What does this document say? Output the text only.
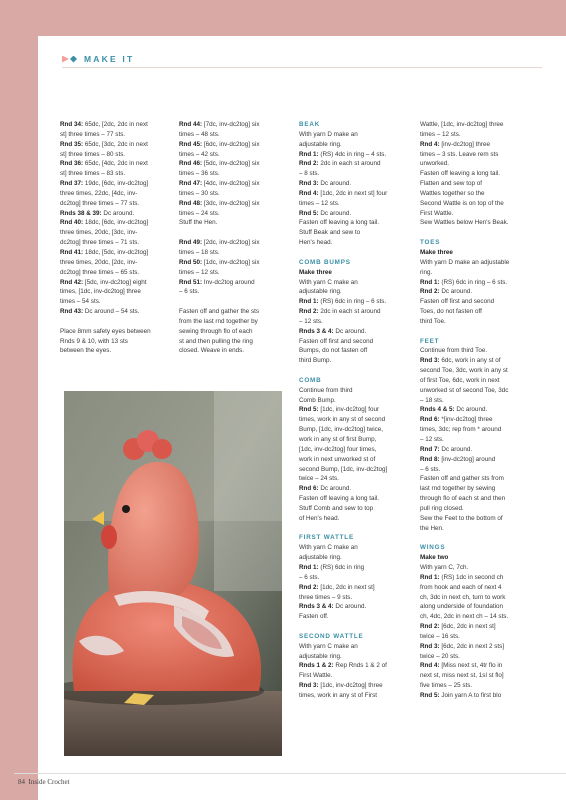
MAKE IT

Rnd 34: 65dc, [2dc, 2dc in next

st] three times – 77 sts.

Rnd 35: 65dc, [3dc, 2dc in next

st] three times – 80 sts.

Rnd 36: 65dc, [4dc, 2dc in next

st] three times – 83 sts.

Rnd 37: 19dc, [6dc, inv-dc2tog]

three times, 22dc, [4dc, inv-

dc2tog] three times – 77 sts.

Rnds 38 & 39: Dc around.

Rnd 40: 18dc, [6dc, inv-dc2tog]

three times, 20dc, [3dc, inv-

dc2tog] three times – 71 sts.

Rnd 41: 18dc, [5dc, inv-dc2tog]

three times, 20dc, [2dc, inv-

dc2tog] three times – 65 sts.

Rnd 42: [5dc, inv-dc2tog] eight

times, [1dc, inv-dc2tog] three

times – 54 sts.

Rnd 43: Dc around – 54 sts.

Place 8mm safety eyes between

Rnds 9 & 10, with 13 sts

between the eyes.

Rnd 44: [7dc, inv-dc2tog] six

times – 48 sts.

Rnd 45: [6dc, inv-dc2tog] six

times – 42 sts.

Rnd 46: [5dc, inv-dc2tog] six

times – 36 sts.

Rnd 47: [4dc, inv-dc2tog] six

times – 30 sts.

Rnd 48: [3dc, inv-dc2tog] six

times – 24 sts.

Stuff the Hen.

Rnd 49: [2dc, inv-dc2tog] six

times – 18 sts.

Rnd 50: [1dc, inv-dc2tog] six

times – 12 sts.

Rnd 51: Inv-dc2tog around

– 6 sts.

Fasten off and gather the sts

from the last rnd together by

sewing through flo of each

st and then pulling the ring

closed. Weave in ends.

BEAK

With yarn D make an

adjustable ring.

Rnd 1: (RS) 4dc in ring – 4 sts.

Rnd 2: 2dc in each st around

– 8 sts.

Rnd 3: Dc around.

Rnd 4: [1dc, 2dc in next st] four

times – 12 sts.

Rnd 5: Dc around.

Fasten off leaving a long tail.

Stuff Beak and sew to

Hen's head.

COMB BUMPS

Make three

With yarn C make an

adjustable ring.

Rnd 1: (RS) 6dc in ring – 6 sts.

Rnd 2: 2dc in each st around

– 12 sts.

Rnds 3 & 4: Dc around.

Fasten off first and second

Bumps, do not fasten off

third Bump.

COMB

Continue from third

Comb Bump.

Rnd 5: [1dc, inv-dc2tog] four

times, work in any st of second

Bump, [1dc, inv-dc2tog] twice,

work in any st of first Bump,

[1dc, inv-dc2tog] four times,

work in next unworked st of

second Bump, [1dc, inv-dc2tog]

twice – 24 sts.

Rnd 6: Dc around.

Fasten off leaving a long tail.

Stuff Comb and sew to top

of Hen's head.

FIRST WATTLE

With yarn C make an

adjustable ring.

Rnd 1: (RS) 6dc in ring

– 6 sts.

Rnd 2: [1dc, 2dc in next st]

three times – 9 sts.

Rnds 3 & 4: Dc around.

Fasten off.

SECOND WATTLE

With yarn C make an

adjustable ring.

Rnds 1 & 2: Rep Rnds 1 & 2 of

First Wattle.

Rnd 3: [1dc, inv-dc2tog] three

times, work in any st of First

Wattle, [1dc, inv-dc2tog] three

times – 12 sts.

Rnd 4: [inv-dc2tog] three

times – 3 sts. Leave rem sts

unworked.

Fasten off leaving a long tail.

Flatten and sew top of

Wattles together so the

Second Wattle is on top of the

First Wattle.

Sew Wattles below Hen's Beak.

TOES

Make three

With yarn D make an adjustable

ring.

Rnd 1: (RS) 6dc in ring – 6 sts.

Rnd 2: Dc around.

Fasten off first and second

Toes, do not fasten off

third Toe.

FEET

Continue from third Toe.

Rnd 3: 6dc, work in any st of

second Toe, 3dc, work in any st

of first Toe, 6dc, work in next

unworked st of second Toe, 3dc

– 18 sts.

Rnds 4 & 5: Dc around.

Rnd 6: *[inv-dc2tog] three

times, 3dc; rep from * around

– 12 sts.

Rnd 7: Dc around.

Rnd 8: [inv-dc2tog] around

– 6 sts.

Fasten off and gather sts from

last rnd together by sewing

through flo of each st and then

pull ring closed.

Sew the Feet to the bottom of

the Hen.

WINGS

Make two

With yarn C, 7ch.

Rnd 1: (RS) 1dc in second ch

from hook and each of next 4

ch, 3dc in next ch, turn to work

along underside of foundation

ch, 4dc, 2dc in next ch – 14 sts.

Rnd 2: [6dc, 2dc in next st]

twice – 16 sts.

Rnd 3: [6dc, 2dc in next 2 sts]

twice – 20 sts.

Rnd 4: [Miss next st, 4tr flo in

next st, miss next st, 1sl st flo]

five times – 25 sts.

Rnd 5: Join yarn A to first blo

84 Inside Crochet	PassionForum.ru
